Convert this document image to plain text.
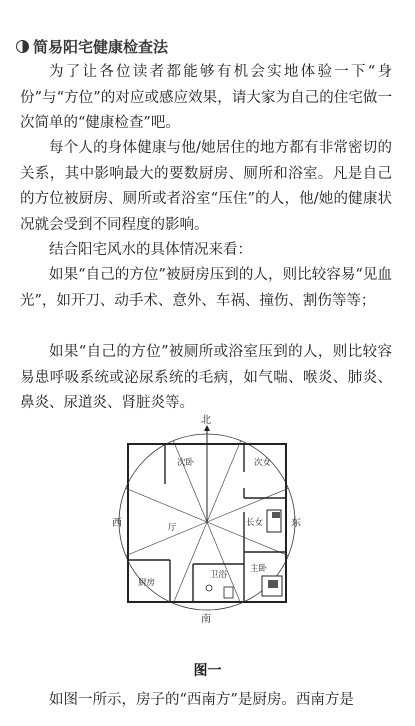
简易阳宅健康检查法

为了让各位读者都能够有机会实地体验一下“身份”与“方位”的对应或感应效果，请大家为自己的住宅做一次简单的“健康检查”吧。

每个人的身体健康与他/她居住的地方都有非常密切的关系，其中影响最大的要数厨房、厕所和浴室。凡是自己的方位被厨房、厕所或者浴室“压住”的人，他/她的健康状况就会受到不同程度的影响。

结合阳宅风水的具体情况来看：

如果“自己的方位”被厨房压到的人，则比较容易“见血光”，如开刀、动手术、意外、车祸、撞伤、割伤等等；

如果“自己的方位”被厕所或浴室压到的人，则比较容易患呼吸系统或泌尿系统的毛病，如气喘、喉炎、肺炎、鼻炎、尿道炎、肾脏炎等。

次卧	次女
厅	长女
卫浴
厨房
主卧
北
南
东
西
图一

如图一所示，房子的“西南方”是厨房。西南方是
